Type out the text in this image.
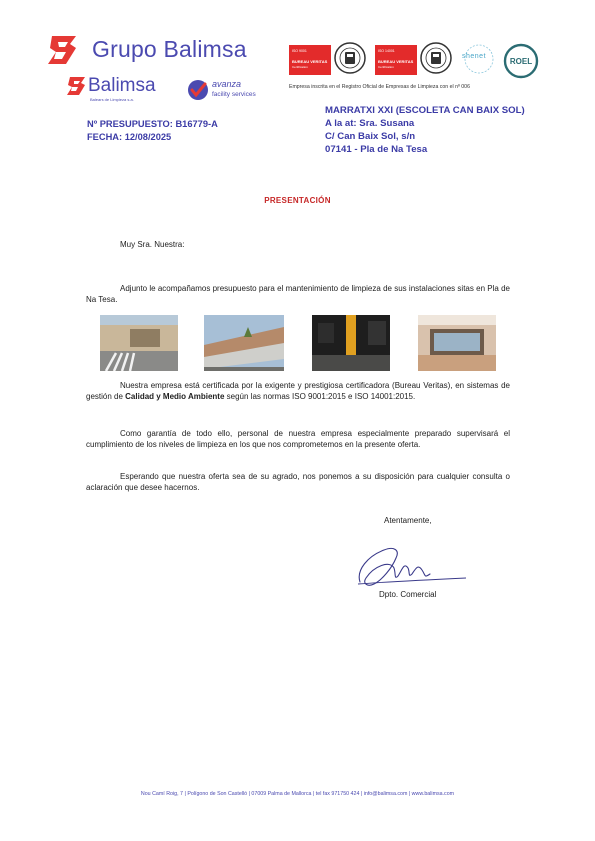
Grupo Balimsa
Balimsa
Balears de Limpieza s.a.
avanza
facility services
ISO 9001
BUREAU VERITAS
Certification
ISO 14001
BUREAU VERITAS
Certification
shenet
ROEL
Empresa inscrita en el Registro Oficial de Empresas de Limpieza con el nº 006
Nº PRESUPUESTO: B16779-A
FECHA: 12/08/2025
MARRATXI XXI (ESCOLETA CAN BAIX SOL)
A la at: Sra. Susana
C/ Can Baix Sol, s/n
07141 - Pla de Na Tesa
PRESENTACIÓN
Muy Sra. Nuestra:
Adjunto le acompañamos presupuesto para el mantenimiento de limpieza de sus instalaciones sitas en Pla de Na Tesa.
Nuestra empresa está certificada por la exigente y prestigiosa certificadora (Bureau Veritas), en sistemas de gestión de Calidad y Medio Ambiente según las normas ISO 9001:2015 e ISO 14001:2015.
Como garantía de todo ello, personal de nuestra empresa especialmente preparado supervisará el cumplimiento de los niveles de limpieza en los que nos comprometemos en la presente oferta.
Esperando que nuestra oferta sea de su agrado, nos ponemos a su disposición para cualquier consulta o aclaración que desee hacernos.
Atentamente,
Dpto. Comercial
Nou Camí Roig, 7 | Polígono de Son Castelló | 07009 Palma de Mallorca | tel fax 971750 424 | info@balimsa.com | www.balimsa.com
